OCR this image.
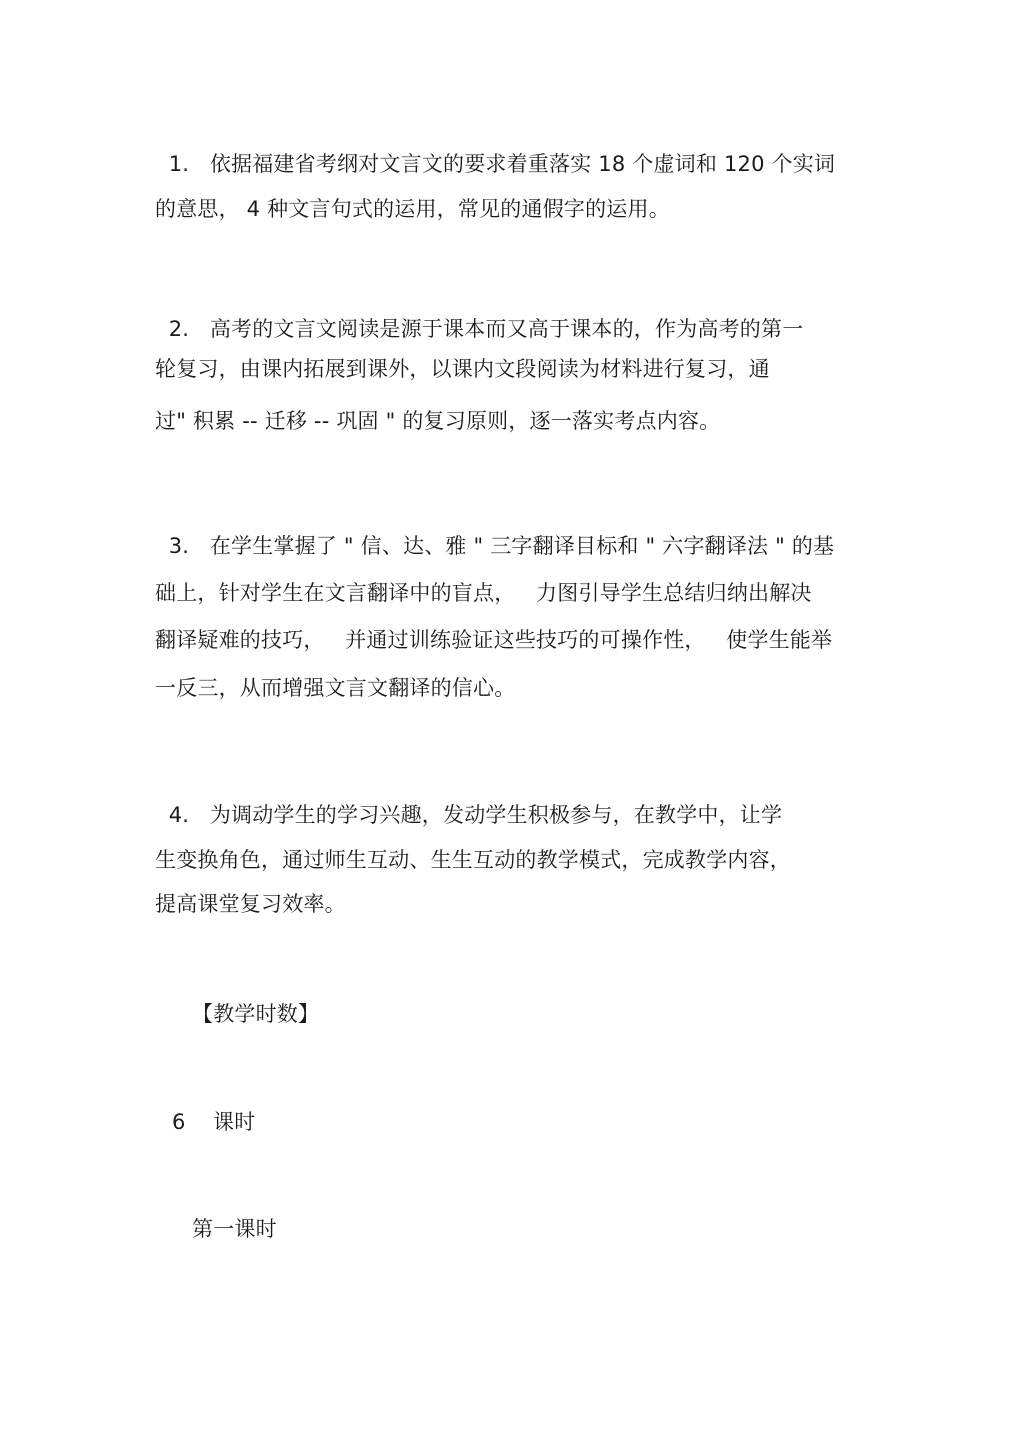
1.   依据福建省考纲对文言文的要求着重落实 18 个虚词和 120 个实词
的意思， 4 种文言句式的运用，常见的通假字的运用。
2.   高考的文言文阅读是源于课本而又高于课本的，作为高考的第一
轮复习，由课内拓展到课外，以课内文段阅读为材料进行复习，通
过" 积累 -- 迁移 -- 巩固 " 的复习原则，逐一落实考点内容。
3.   在学生掌握了 " 信、达、雅 " 三字翻译目标和 " 六字翻译法 " 的基
础上，针对学生在文言翻译中的盲点，   力图引导学生总结归纳出解决
翻译疑难的技巧，   并通过训练验证这些技巧的可操作性，   使学生能举
一反三，从而增强文言文翻译的信心。
4.   为调动学生的学习兴趣，发动学生积极参与，在教学中，让学
生变换角色，通过师生互动、生生互动的教学模式，完成教学内容，
提高课堂复习效率。
【教学时数】
6    课时
第一课时
